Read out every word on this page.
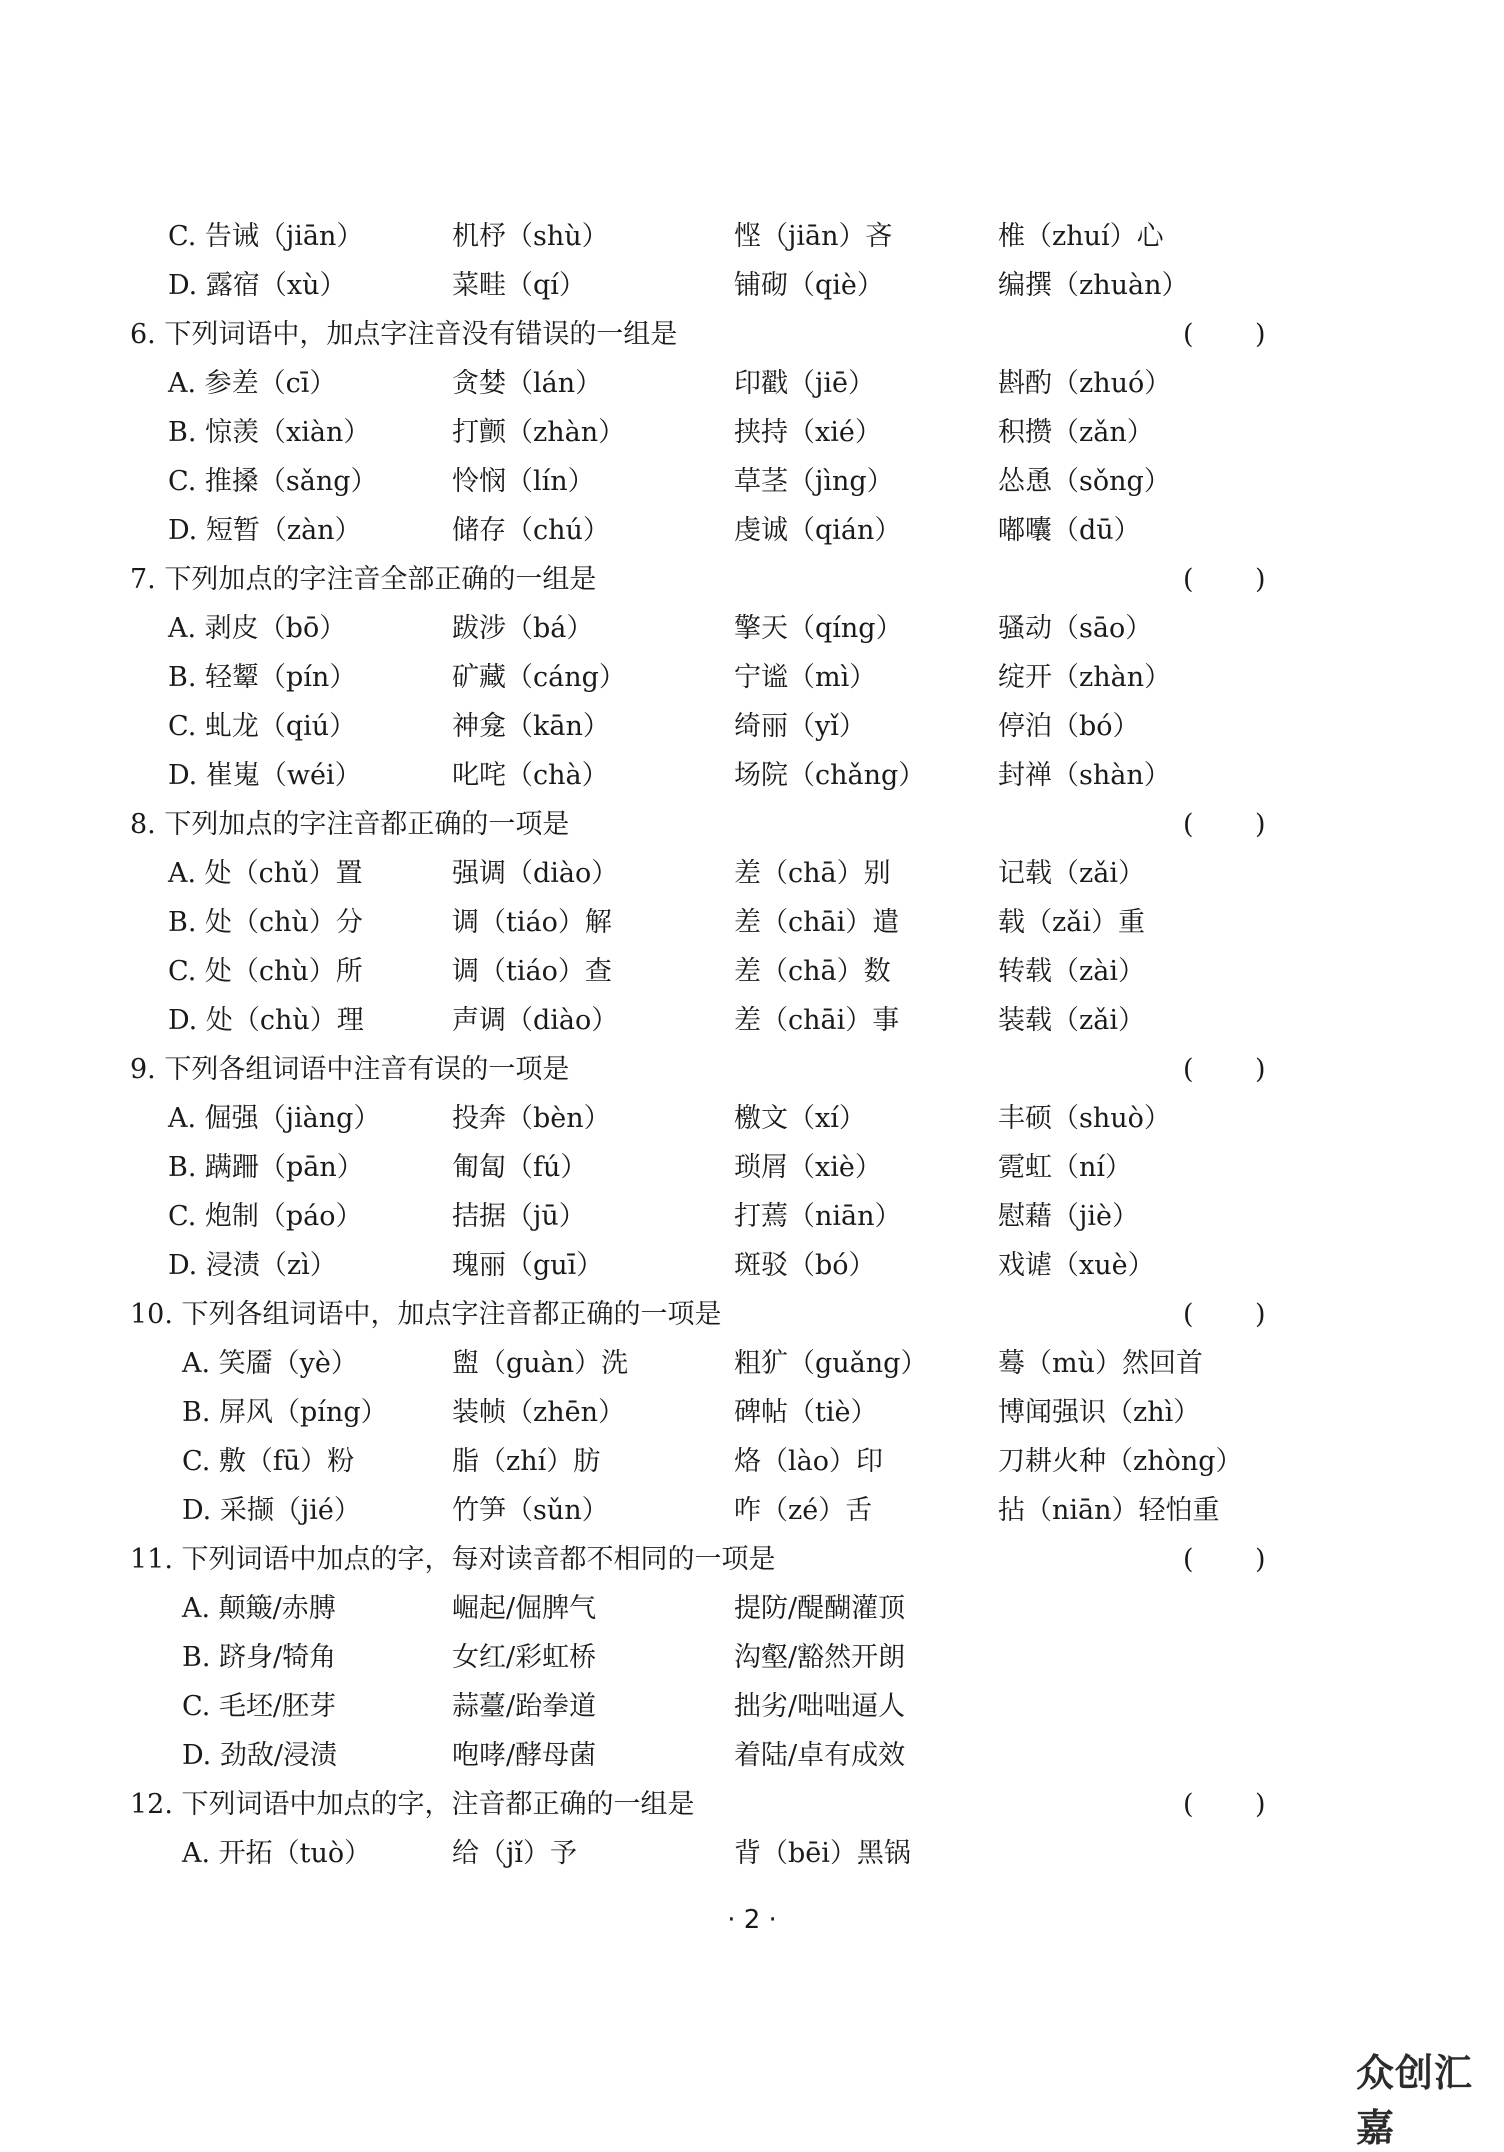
C. 告诫（jiān）	机杼（shù）	悭（jiān）吝	椎（zhuí）心
D. 露宿（xù）	菜畦（qí）	铺砌（qiè）	编撰（zhuàn）
6. 下列词语中，加点字注音没有错误的一组是	( )
A. 参差（cī）	贪婪（lán）	印戳（jiē）	斟酌（zhuó）
B. 惊羡（xiàn）	打颤（zhàn）	挟持（xié）	积攒（zǎn）
C. 推搡（sǎng）	怜悯（lín）	草茎（jìng）	怂恿（sǒng）
D. 短暂（zàn）	储存（chú）	虔诚（qián）	嘟囔（dū）
7. 下列加点的字注音全部正确的一组是	( )
A. 剥皮（bō）	跋涉（bá）	擎天（qíng）	骚动（sāo）
B. 轻颦（pín）	矿藏（cáng）	宁谧（mì）	绽开（zhàn）
C. 虬龙（qiú）	神龛（kān）	绮丽（yǐ）	停泊（bó）
D. 崔嵬（wéi）	叱咤（chà）	场院（chǎng）	封禅（shàn）
8. 下列加点的字注音都正确的一项是	( )
A. 处（chǔ）置	强调（diào）	差（chā）别	记载（zǎi）
B. 处（chù）分	调（tiáo）解	差（chāi）遣	载（zǎi）重
C. 处（chù）所	调（tiáo）查	差（chā）数	转载（zài）
D. 处（chù）理	声调（diào）	差（chāi）事	装载（zǎi）
9. 下列各组词语中注音有误的一项是	( )
A. 倔强（jiàng）	投奔（bèn）	檄文（xí）	丰硕（shuò）
B. 蹒跚（pān）	匍匐（fú）	琐屑（xiè）	霓虹（ní）
C. 炮制（páo）	拮据（jū）	打蔫（niān）	慰藉（jiè）
D. 浸渍（zì）	瑰丽（guī）	斑驳（bó）	戏谑（xuè）
10. 下列各组词语中，加点字注音都正确的一项是	( )
A. 笑靥（yè）	盥（guàn）洗	粗犷（guǎng）	蓦（mù）然回首
B. 屏风（píng） 装帧（zhēn）	碑帖（tiè）	博闻强识（zhì）
C. 敷（fū）粉	脂（zhí）肪	烙（lào）印	刀耕火种（zhòng）
D. 采撷（jié）	竹笋（sǔn）	咋（zé）舌	拈（niān）轻怕重
11. 下列词语中加点的字，每对读音都不相同的一项是	( )
A. 颠簸/赤膊	崛起/倔脾气	提防/醍醐灌顶
B. 跻身/犄角	女红/彩虹桥	沟壑/豁然开朗
C. 毛坯/胚芽	蒜薹/跆拳道	拙劣/咄咄逼人
D. 劲敌/浸渍	咆哮/酵母菌	着陆/卓有成效
12. 下列词语中加点的字，注音都正确的一组是	( )
A. 开拓（tuò）	给（jǐ）予	背（bēi）黑锅
· 2 ·
众创汇嘉
